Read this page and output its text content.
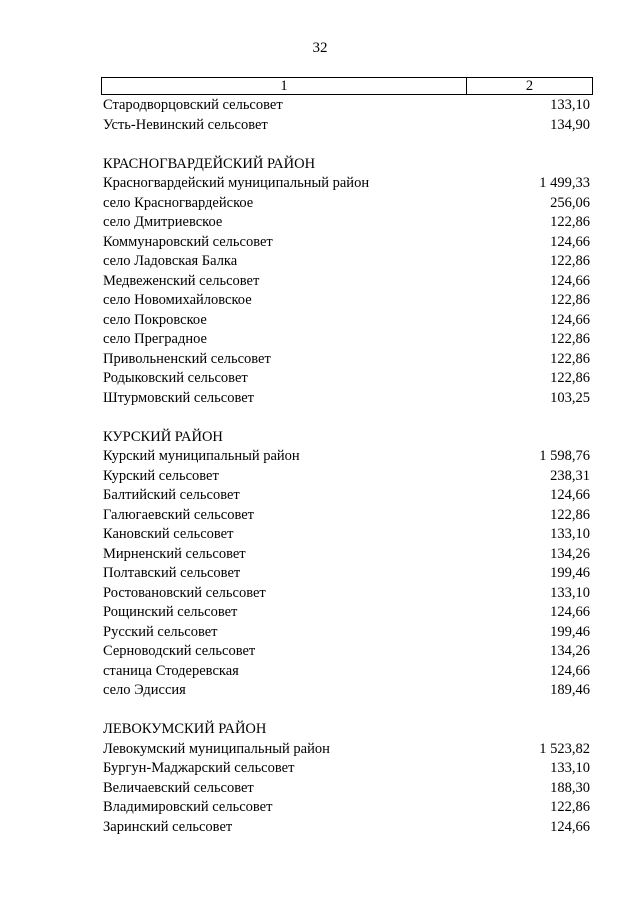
32
1	2
Стародворцовский сельсовет	133,10
Усть-Невинский сельсовет	134,90
КРАСНОГВАРДЕЙСКИЙ РАЙОН
Красногвардейский муниципальный район	1 499,33
село Красногвардейское	256,06
село Дмитриевское	122,86
Коммунаровский сельсовет	124,66
село Ладовская Балка	122,86
Медвеженский сельсовет	124,66
село Новомихайловское	122,86
село Покровское	124,66
село Преградное	122,86
Привольненский сельсовет	122,86
Родыковский сельсовет	122,86
Штурмовский сельсовет	103,25
КУРСКИЙ РАЙОН
Курский муниципальный район	1 598,76
Курский сельсовет	238,31
Балтийский сельсовет	124,66
Галюгаевский сельсовет	122,86
Кановский сельсовет	133,10
Мирненский сельсовет	134,26
Полтавский сельсовет	199,46
Ростовановский сельсовет	133,10
Рощинский сельсовет	124,66
Русский сельсовет	199,46
Серноводский сельсовет	134,26
станица Стодеревская	124,66
село Эдиссия	189,46
ЛЕВОКУМСКИЙ РАЙОН
Левокумский муниципальный район	1 523,82
Бургун-Маджарский сельсовет	133,10
Величаевский сельсовет	188,30
Владимировский сельсовет	122,86
Заринский сельсовет	124,66
